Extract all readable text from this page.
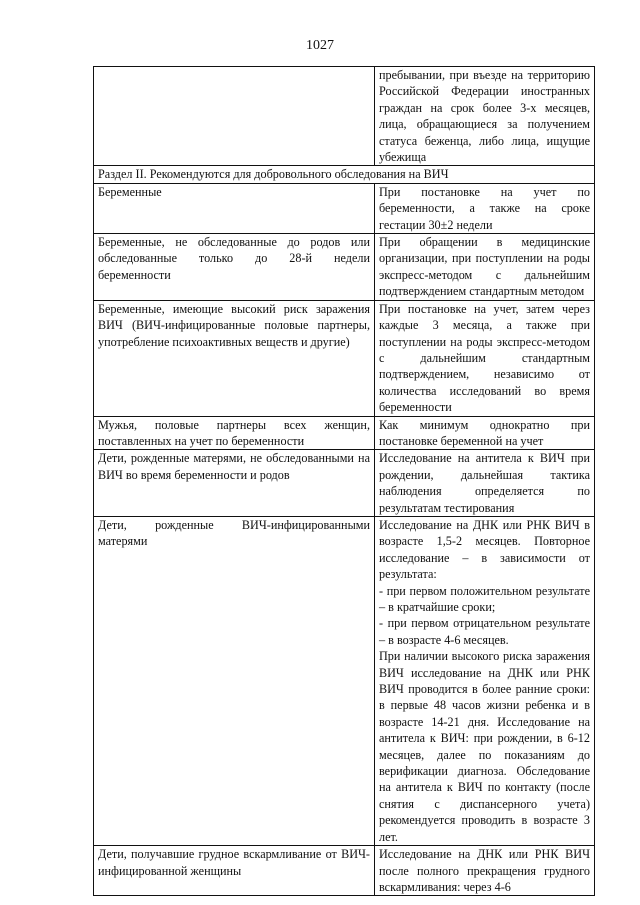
1027

	пребывании, при въезде на территорию Российской Федерации иностранных граждан на срок более 3-х месяцев, лица, обращающиеся за получением статуса беженца, либо лица, ищущие убежища

Раздел II. Рекомендуются для добровольного обследования на ВИЧ	
Беременные	При постановке на учет по беременности, а также на сроке гестации 30±2 недели

Беременные, не обследованные до родов или обследованные только до 28-й недели беременности	При обращении в медицинские организации, при поступлении на роды экспресс-методом с дальнейшим подтверждением стандартным методом

Беременные, имеющие высокий риск заражения ВИЧ (ВИЧ-инфицированные половые партнеры, употребление психоактивных веществ и другие)	При постановке на учет, затем через каждые 3 месяца, а также при поступлении на роды экспресс-методом с дальнейшим стандартным подтверждением, независимо от количества исследований во время беременности

Мужья, половые партнеры всех женщин, поставленных на учет по беременности	Как минимум однократно при постановке беременной на учет

Дети, рожденные матерями, не обследованными на ВИЧ во время беременности и родов	Исследование на антитела к ВИЧ при рождении, дальнейшая тактика наблюдения определяется по результатам тестирования

Дети, рожденные ВИЧ-инфицированными матерями	Исследование на ДНК или РНК ВИЧ в возрасте 1,5-2 месяцев. Повторное исследование – в зависимости от результата:

- при первом положительном результате – в кратчайшие сроки;

- при первом отрицательном результате – в возрасте 4-6 месяцев.

При наличии высокого риска заражения ВИЧ исследование на ДНК или РНК ВИЧ проводится в более ранние сроки: в первые 48 часов жизни ребенка и в возрасте 14-21 дня. Исследование на антитела к ВИЧ: при рождении, в 6-12 месяцев, далее по показаниям до верификации диагноза. Обследование на антитела к ВИЧ по контакту (после снятия с диспансерного учета) рекомендуется проводить в возрасте 3 лет.

Дети, получавшие грудное вскармливание от ВИЧ-инфицированной женщины	Исследование на ДНК или РНК ВИЧ после полного прекращения грудного вскармливания: через 4-6
